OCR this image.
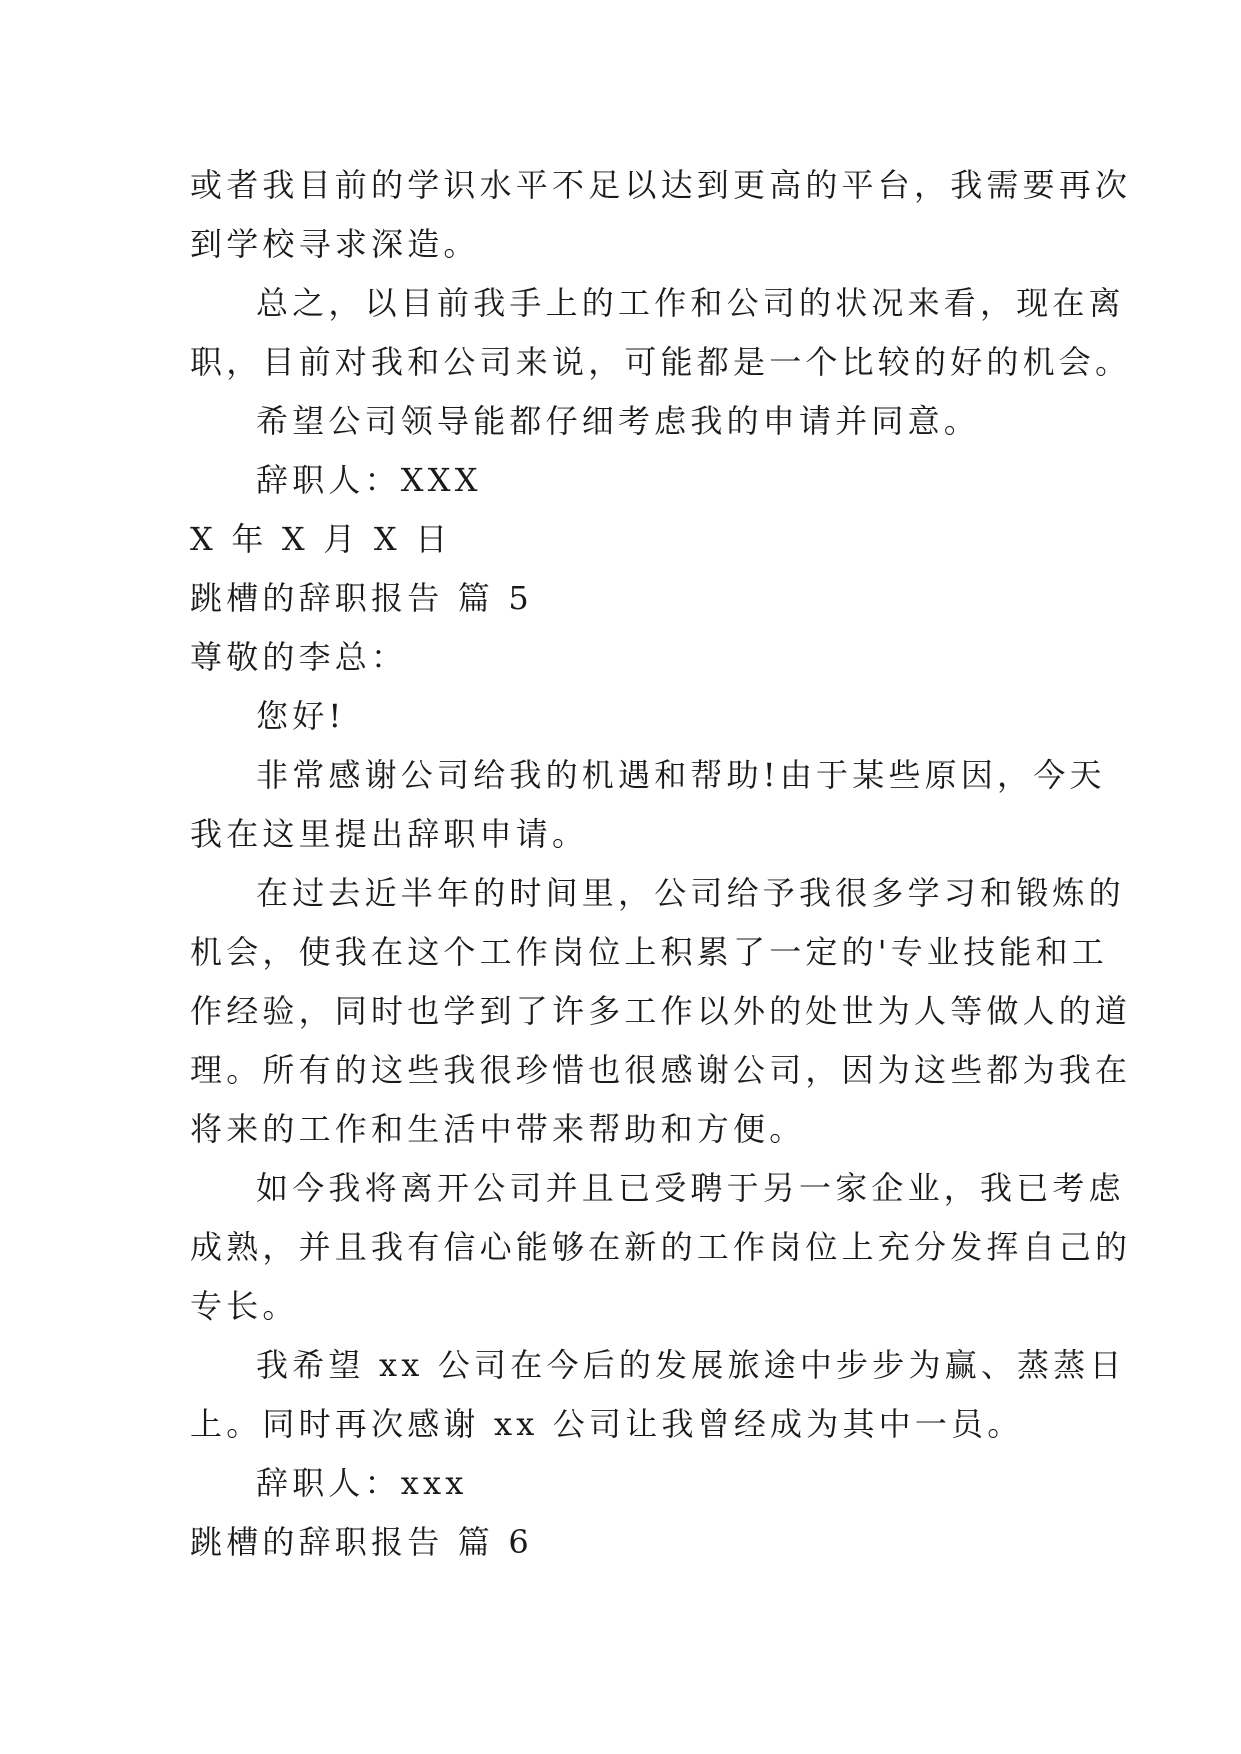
或者我目前的学识水平不足以达到更高的平台，我需要再次
到学校寻求深造。
总之，以目前我手上的工作和公司的状况来看，现在离
职，目前对我和公司来说，可能都是一个比较的好的机会。
希望公司领导能都仔细考虑我的申请并同意。
辞职人：XXX
X 年 X 月 X 日
跳槽的辞职报告 篇 5
尊敬的李总：
您好!
非常感谢公司给我的机遇和帮助!由于某些原因，今天
我在这里提出辞职申请。
在过去近半年的时间里，公司给予我很多学习和锻炼的
机会，使我在这个工作岗位上积累了一定的'专业技能和工
作经验，同时也学到了许多工作以外的处世为人等做人的道
理。所有的这些我很珍惜也很感谢公司，因为这些都为我在
将来的工作和生活中带来帮助和方便。
如今我将离开公司并且已受聘于另一家企业，我已考虑
成熟，并且我有信心能够在新的工作岗位上充分发挥自己的
专长。
我希望 xx 公司在今后的发展旅途中步步为赢、蒸蒸日
上。同时再次感谢 xx 公司让我曾经成为其中一员。
辞职人：xxx
跳槽的辞职报告 篇 6
